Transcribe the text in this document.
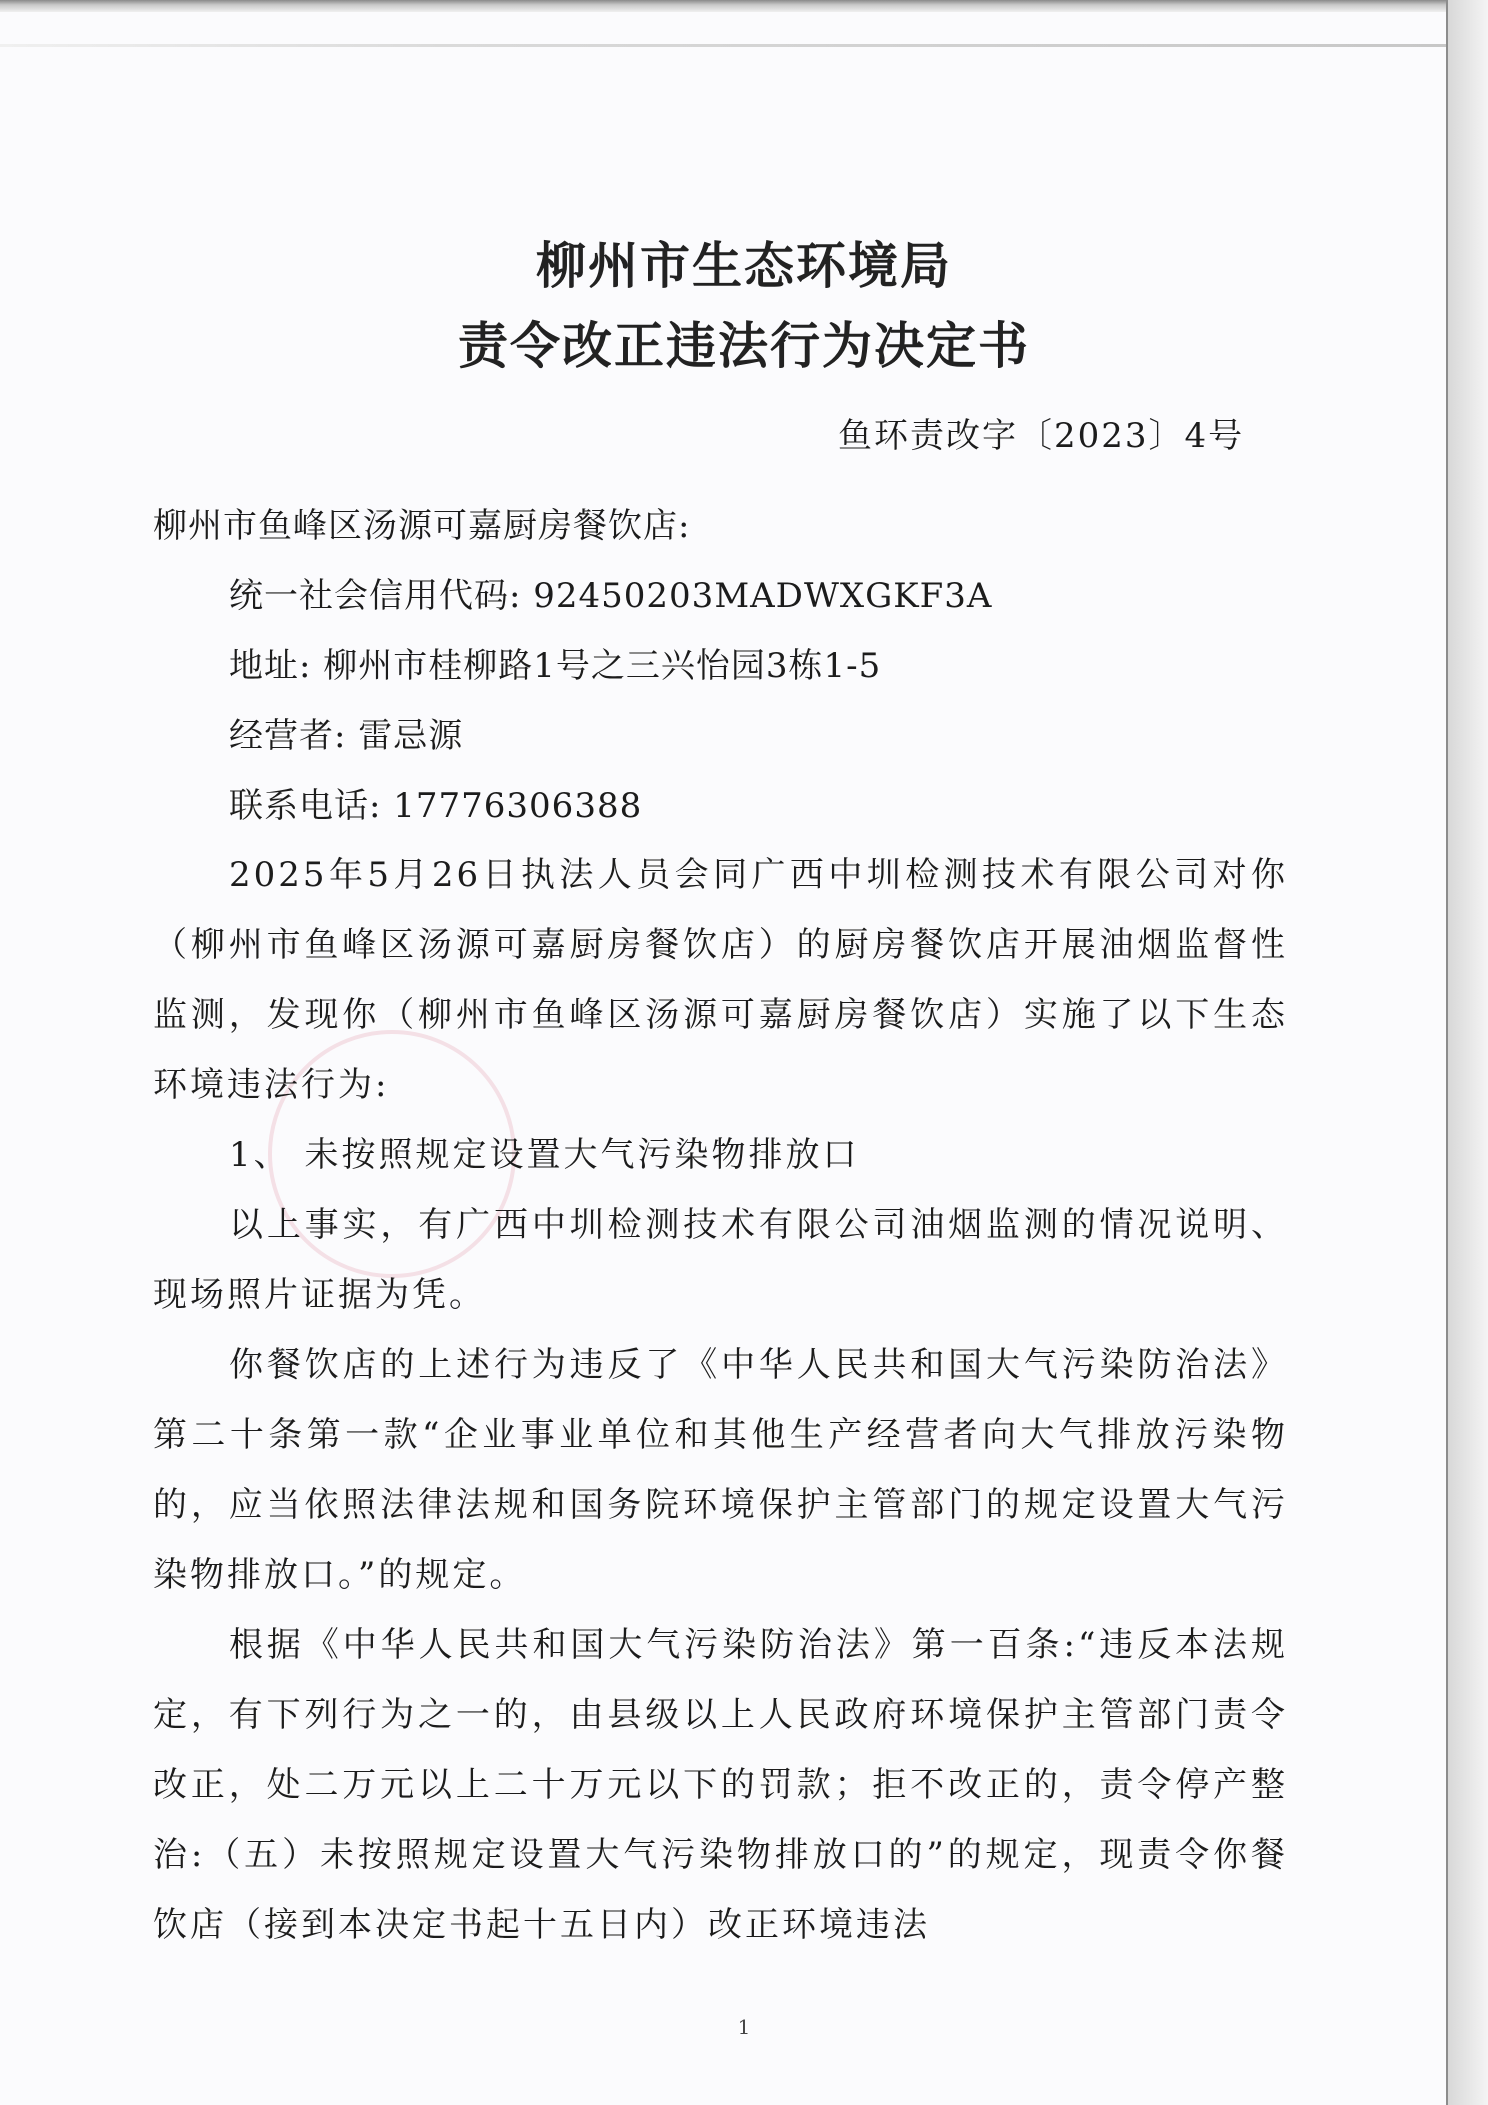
柳州市生态环境局
责令改正违法行为决定书
鱼环责改字〔2023〕4号
柳州市鱼峰区汤源可嘉厨房餐饮店:
统一社会信用代码: 92450203MADWXGKF3A
地址: 柳州市桂柳路1号之三兴怡园3栋1-5
经营者: 雷忌源
联系电话: 17776306388

2025年5月26日执法人员会同广西中圳检测技术有限公司对你（柳州市鱼峰区汤源可嘉厨房餐饮店）的厨房餐饮店开展油烟监督性监测，发现你（柳州市鱼峰区汤源可嘉厨房餐饮店）实施了以下生态环境违法行为:

1、 未按照规定设置大气污染物排放口

以上事实，有广西中圳检测技术有限公司油烟监测的情况说明、现场照片证据为凭。

你餐饮店的上述行为违反了《中华人民共和国大气污染防治法》第二十条第一款“企业事业单位和其他生产经营者向大气排放污染物的，应当依照法律法规和国务院环境保护主管部门的规定设置大气污染物排放口。”的规定。

根据《中华人民共和国大气污染防治法》第一百条:“违反本法规定，有下列行为之一的，由县级以上人民政府环境保护主管部门责令改正，处二万元以上二十万元以下的罚款；拒不改正的，责令停产整治:（五）未按照规定设置大气污染物排放口的”的规定，现责令你餐饮店（接到本决定书起十五日内）改正环境违法

1
